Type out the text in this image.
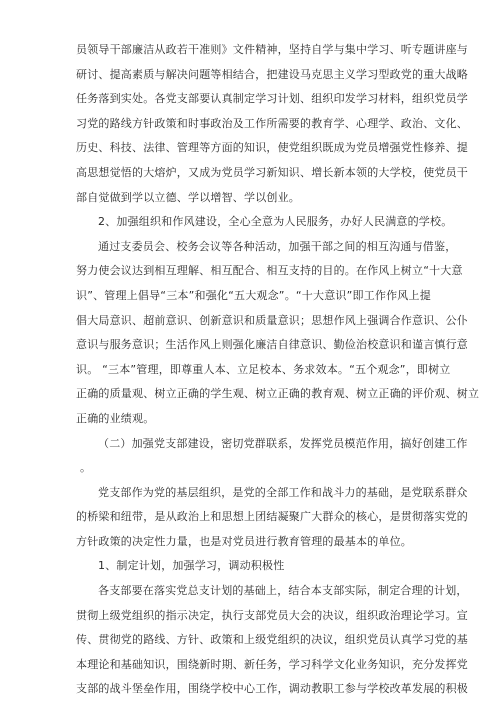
员领导干部廉洁从政若干准则》文件精神，坚持自学与集中学习、听专题讲座与
研讨、提高素质与解决问题等相结合，把建设马克思主义学习型政党的重大战略
任务落到实处。各党支部要认真制定学习计划、组织印发学习材料，组织党员学
习党的路线方针政策和时事政治及工作所需要的教育学、心理学、政治、文化、
历史、科技、法律、管理等方面的知识，使党组织既成为党员增强党性修养、提
高思想觉悟的大熔炉，又成为党员学习新知识、增长新本领的大学校，使党员干
部自觉做到学以立德、学以增智、学以创业。
2、加强组织和作风建设，全心全意为人民服务，办好人民满意的学校。
通过支委员会、校务会议等各种活动，加强干部之间的相互沟通与借鉴，
努力使会议达到相互理解、相互配合、相互支持的目的。在作风上树立“十大意
识”、管理上倡导“三本”和强化“五大观念”。“十大意识”即工作作风上提
倡大局意识、超前意识、创新意识和质量意识；思想作风上强调合作意识、公仆
意识与服务意识；生活作风上则强化廉洁自律意识、勤俭治校意识和谨言慎行意
识。 “三本”管理，即尊重人本、立足校本、务求效本。“五个观念”，即树立
正确的质量观、树立正确的学生观、树立正确的教育观、树立正确的评价观、树立
正确的业绩观。
（二）加强党支部建设，密切党群联系，发挥党员模范作用，搞好创建工作
。
党支部作为党的基层组织，是党的全部工作和战斗力的基础，是党联系群众
的桥梁和纽带，是从政治上和思想上团结凝聚广大群众的核心，是贯彻落实党的
方针政策的决定性力量，也是对党员进行教育管理的最基本的单位。
1、制定计划，加强学习，调动积极性
各支部要在落实党总支计划的基础上，结合本支部实际，制定合理的计划，
贯彻上级党组织的指示决定，执行支部党员大会的决议，组织政治理论学习。宣
传、贯彻党的路线、方针、政策和上级党组织的决议，组织党员认真学习党的基
本理论和基础知识，围绕新时期、新任务，学习科学文化业务知识，充分发挥党
支部的战斗堡垒作用，围绕学校中心工作，调动教职工参与学校改革发展的积极
